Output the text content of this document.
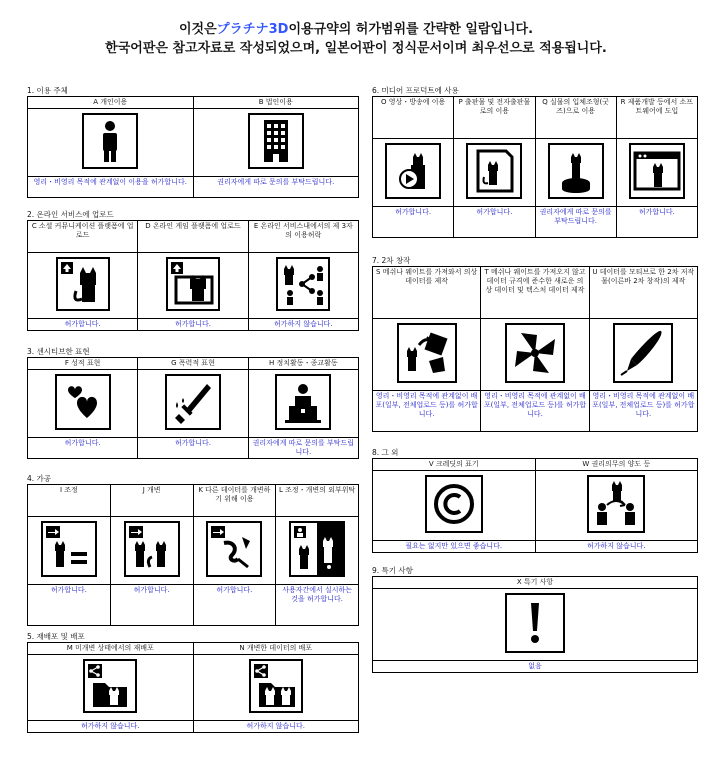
이것은プラチナ3D이용규약의 허가범위를 간략한 일람입니다.
한국어판은 참고자료로 작성되었으며, 일본어판이 정식문서이며 최우선으로 적용됩니다.
1. 이용 주체
A 개인이용	B 법인이용

영리・비영리 목적에 관계없이 이용을 허가합니다.	권리자에게 따로 문의를 부탁드립니다.
2. 온라인 서비스에 업로드
C 소셜 커뮤니케이션 플랫폼에 업로드	D 온라인 게임 플랫폼에 업로드	E 온라인 서비스내에서의 제 3자의 이용허락

허가합니다.	허가합니다.	허가하지 않습니다.
3. 센시티브한 표현
F 성적 표현	G 폭력적 표현	H 정치활동・종교활동

허가합니다.	허가합니다.	권리자에게 따로 문의를 부탁드립니다.
4. 가공
I 조정	J 개변	K 다른 데이터를 개변하기 위해 이용	L 조정・개변의 외부위탁

허가합니다.	허가합니다.	허가합니다.	사용자간에서 실시하는 것을 허가합니다.
5. 재배포 및 배포
M 미개변 상태에서의 재배포	N 개변한 데이터의 배포

허가하지 않습니다.	허가하지 않습니다.
6. 미디어 프로덕트에 사용
O 영상・방송에 이용	P 출판물 및 전자출판물로의 이용	Q 실물의 입체조형(굿즈)으로 이용	R 제품개발 등에서 소프트웨어에 도입

허가합니다.	허가합니다.	권리자에게 따로 문의를 부탁드립니다.	허가합니다.
7. 2차 창작
S 메쉬나 웨이트를 가져와서 의상 데이터를 제작	T 메쉬나 웨이트를 가져오지 않고 데이터 규격에 준수한 새로운 의상 데이터 및 텍스처 데이터 제작	U 데이터를 모티브로 한 2차 저작물(이른바 2차 창작)의 제작

영리・비영리 목적에 관계없이 배포(일부, 전체업로드 등)를 허가합니다.	영리・비영리 목적에 관계없이 배포(일부, 전체업로드 등)를 허가합니다.	영리・비영리 목적에 관계없이 배포(일부, 전체업로드 등)를 허가합니다.
8. 그 외
V 크레딧의 표기	W 권리의무의 양도 등

필요는 없지만 있으면 좋습니다.	허가하지 않습니다.
9. 특기 사항
X 특기 사항

없음
